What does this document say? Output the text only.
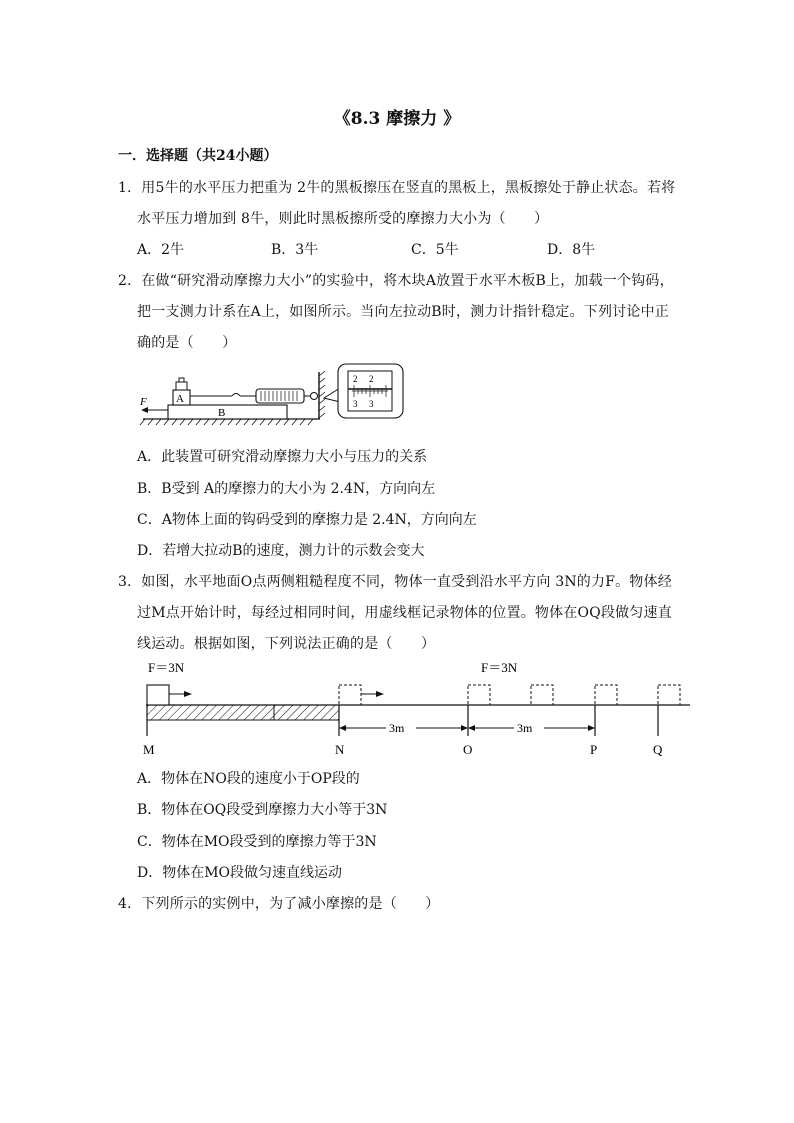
《8.3 摩擦力 》
一．选择题（共24小题）
1．用5牛的水平压力把重为 2牛的黑板擦压在竖直的黑板上，黑板擦处于静止状态。若将
水平压力增加到 8牛，则此时黑板擦所受的摩擦力大小为（　　）
A．2牛	B．3牛	C．5牛	D．8牛
2．在做“研究滑动摩擦力大小”的实验中，将木块A放置于水平木板B上，加载一个钩码，
把一支测力计系在A上，如图所示。当向左拉动B时，测力计指针稳定。下列讨论中正
确的是（　　）
B
F	A
2 2
3 3
A．此装置可研究滑动摩擦力大小与压力的关系
B．B受到 A的摩擦力的大小为 2.4N，方向向左
C．A物体上面的钩码受到的摩擦力是 2.4N，方向向左
D．若增大拉动B的速度，测力计的示数会变大
3．如图，水平地面O点两侧粗糙程度不同，物体一直受到沿水平方向 3N的力F。物体经
过M点开始计时，每经过相同时间，用虚线框记录物体的位置。物体在OQ段做匀速直
线运动。根据如图，下列说法正确的是（　　）
F＝3N	F＝3N
3m	3m
M	N	O	P	Q
A．物体在NO段的速度小于OP段的
B．物体在OQ段受到摩擦力大小等于3N
C．物体在MO段受到的摩擦力等于3N
D．物体在MO段做匀速直线运动
4．下列所示的实例中，为了减小摩擦的是（　　）
